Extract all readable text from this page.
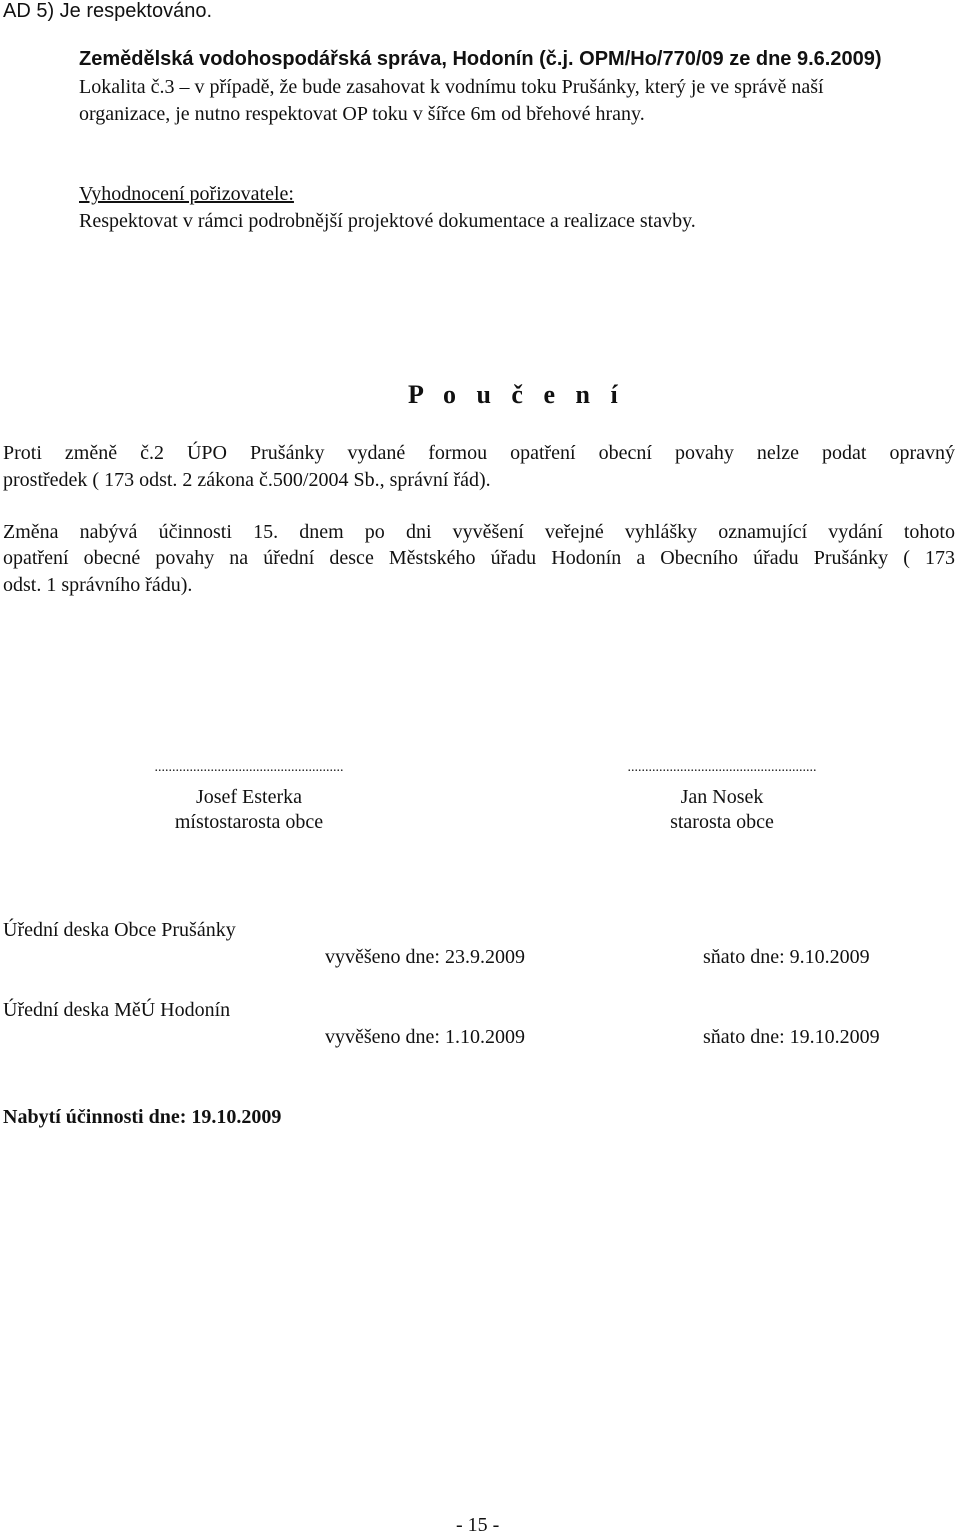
AD 5) Je respektováno.
Zemědělská vodohospodářská správa, Hodonín (č.j. OPM/Ho/770/09 ze dne 9.6.2009)
Lokalita č.3 – v případě, že bude zasahovat k vodnímu toku Prušánky, který je ve správě naší
organizace, je nutno respektovat OP toku v šířce 6m od břehové hrany.
Vyhodnocení pořizovatele:
Respektovat v rámci podrobnější projektové dokumentace a realizace stavby.
P o u č e n í
Proti změně č.2 ÚPO Prušánky vydané formou opatření obecní povahy nelze podat opravný
prostředek ( 173 odst. 2 zákona č.500/2004 Sb., správní řád).
Změna nabývá účinnosti 15. dnem po dni vyvěšení veřejné vyhlášky oznamující vydání tohoto
opatření obecné povahy na úřední desce Městského úřadu Hodonín a Obecního úřadu Prušánky ( 173
odst. 1 správního řádu).
......................................................
Josef Esterka
místostarosta obce
......................................................
Jan Nosek
starosta obce
Úřední deska Obce Prušánky
vyvěšeno dne: 23.9.2009	sňato dne: 9.10.2009
Úřední deska MěÚ Hodonín
vyvěšeno dne: 1.10.2009	sňato dne: 19.10.2009
Nabytí účinnosti dne: 19.10.2009
- 15 -
